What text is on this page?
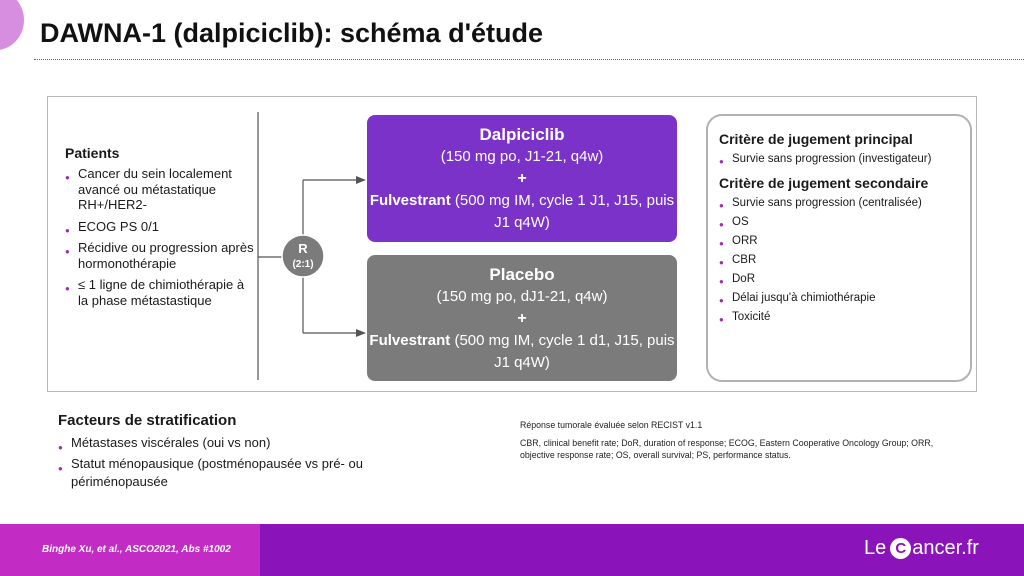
DAWNA-1 (dalpiciclib): schéma d'étude
R
(2:1)
Patients
● Cancer du sein localement avancé ou métastatique RH+/HER2-
● ECOG PS 0/1
● Récidive ou progression après hormonothérapie
● ≤ 1 ligne de chimiothérapie à la phase métastastique
Dalpiciclib
(150 mg po, J1-21, q4w)
+
Fulvestrant (500 mg IM, cycle 1 J1, J15, puis J1 q4W)
Placebo
(150 mg po, dJ1-21, q4w)
+
Fulvestrant (500 mg IM, cycle 1 d1, J15, puis J1 q4W)
Critère de jugement principal
● Survie sans progression (investigateur)
Critère de jugement secondaire
● Survie sans progression (centralisée)
● OS
● ORR
● CBR
● DoR
● Délai jusqu'à chimiothérapie
● Toxicité
Facteurs de stratification
● Métastases viscérales (oui vs non)
● Statut ménopausique (postménopausée vs pré- ou périménopausée

Réponse tumorale évaluée selon RECIST v1.1

CBR, clinical benefit rate; DoR, duration of response; ECOG, Eastern Cooperative Oncology Group; ORR, objective response rate; OS, overall survival; PS, performance status.

Binghe Xu, et al., ASCO2021, Abs #1002	Le C ancer.fr
